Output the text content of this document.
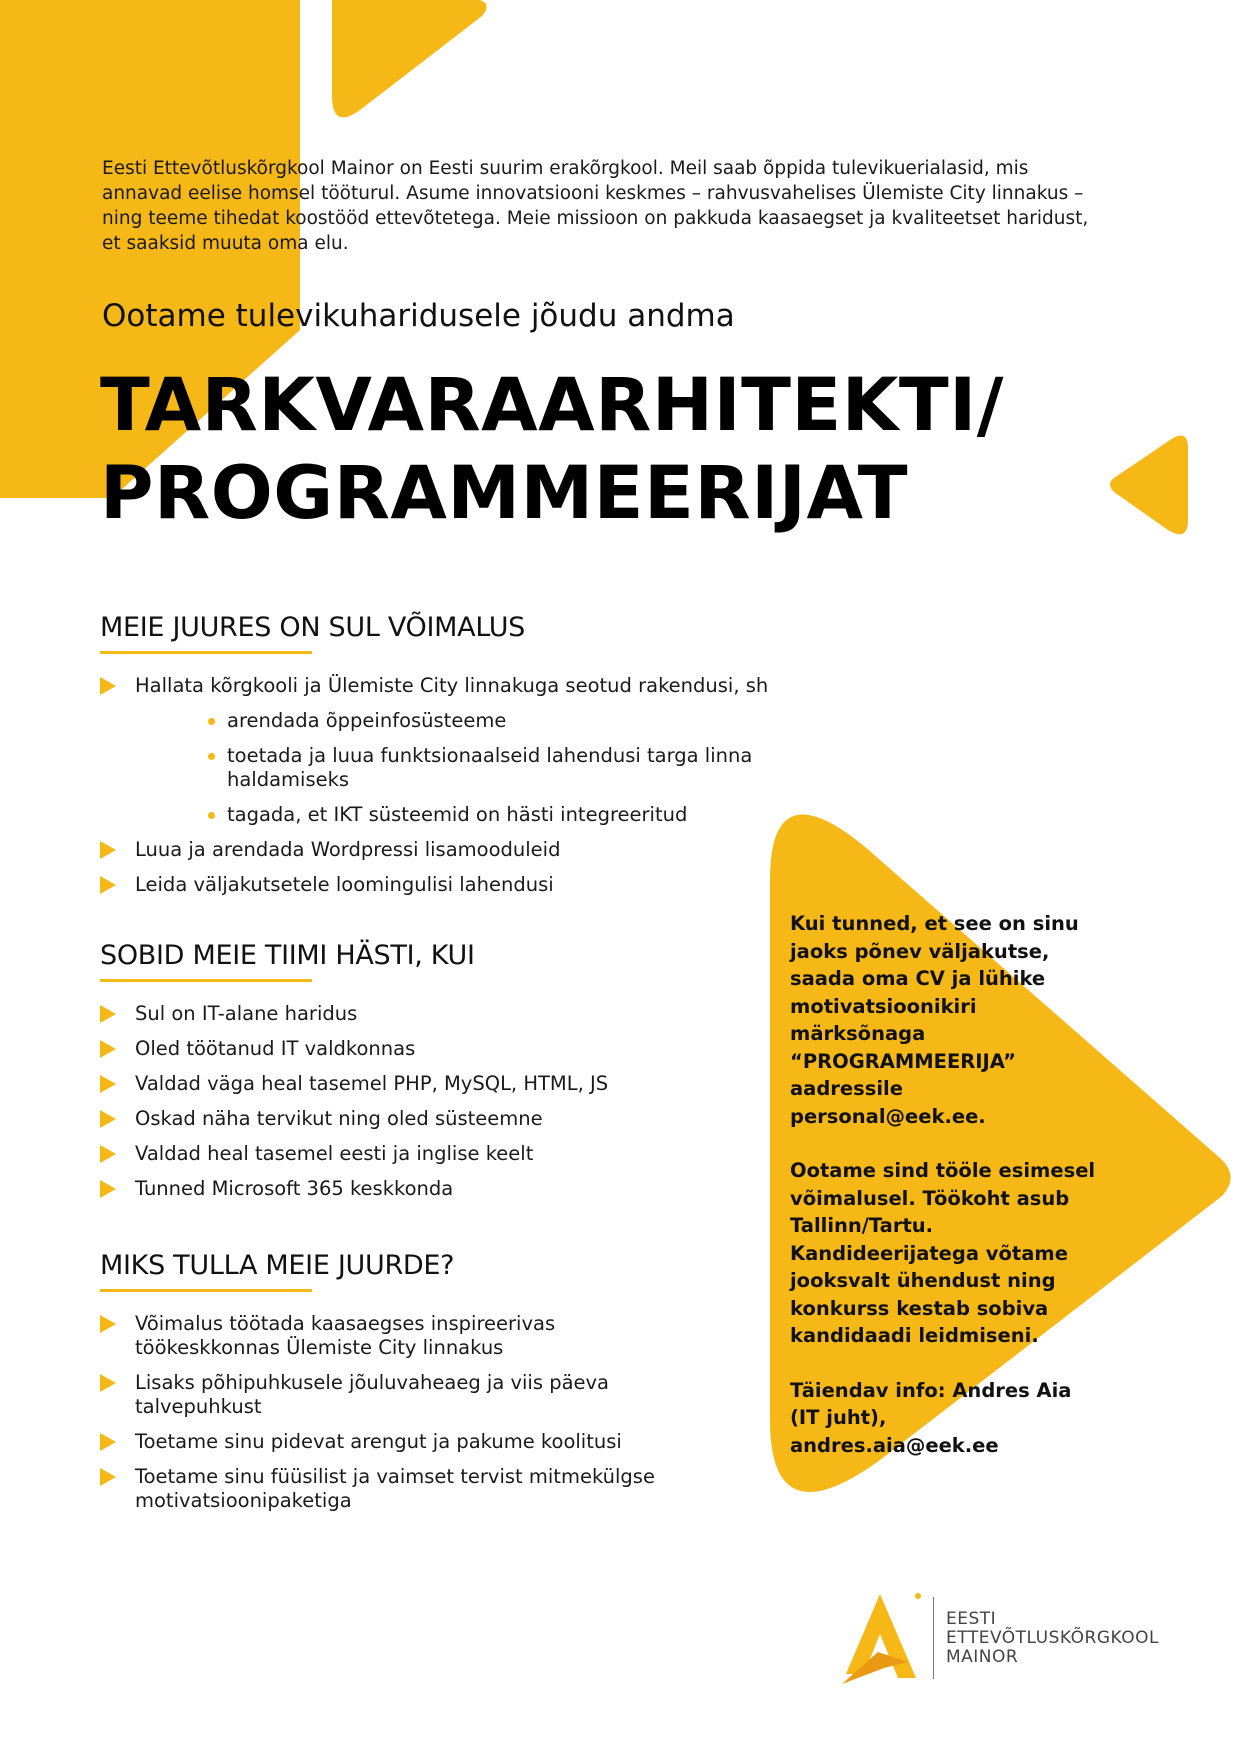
Eesti Ettevõtluskõrgkool Mainor on Eesti suurim erakõrgkool. Meil saab õppida tulevikuerialasid, mis annavad eelise homsel tööturul. Asume innovatsiooni keskmes – rahvusvahelises Ülemiste City linnakus – ning teeme tihedat koostööd ettevõtetega. Meie missioon on pakkuda kaasaegset ja kvaliteetset haridust, et saaksid muuta oma elu.

Ootame tulevikuharidusele jõudu andma
TARKVARAARHITEKTI/
PROGRAMMEERIJAT
MEIE JUURES ON SUL VÕIMALUS
Hallata kõrgkooli ja Ülemiste City linnakuga seotud rakendusi, sh
arendada õppeinfosüsteeme
toetada ja luua funktsionaalseid lahendusi targa linna haldamiseks
tagada, et IKT süsteemid on hästi integreeritud
Luua ja arendada Wordpressi lisamooduleid
Leida väljakutsetele loomingulisi lahendusi
SOBID MEIE TIIMI HÄSTI, KUI
Sul on IT-alane haridus
Oled töötanud IT valdkonnas
Valdad väga heal tasemel PHP, MySQL, HTML, JS
Oskad näha tervikut ning oled süsteemne
Valdad heal tasemel eesti ja inglise keelt
Tunned Microsoft 365 keskkonda
MIKS TULLA MEIE JUURDE?
Võimalus töötada kaasaegses inspireerivas töökeskkonnas Ülemiste City linnakus
Lisaks põhipuhkusele jõuluvaheaeg ja viis päeva talvepuhkust
Toetame sinu pidevat arengut ja pakume koolitusi
Toetame sinu füüsilist ja vaimset tervist mitmekülgse motivatsioonipaketiga

Kui tunned, et see on sinu jaoks põnev väljakutse, saada oma CV ja lühike motivatsioonikiri märksõnaga “PROGRAMMEERIJA” aadressile personal@eek.ee.

Ootame sind tööle esimesel võimalusel. Töökoht asub Tallinn/Tartu. Kandideerijatega võtame jooksvalt ühendust ning konkurss kestab sobiva kandidaadi leidmiseni.

Täiendav info: Andres Aia (IT juht), andres.aia@eek.ee

EESTI
ETTEVÕTLUSKÕRGKOOL
MAINOR
